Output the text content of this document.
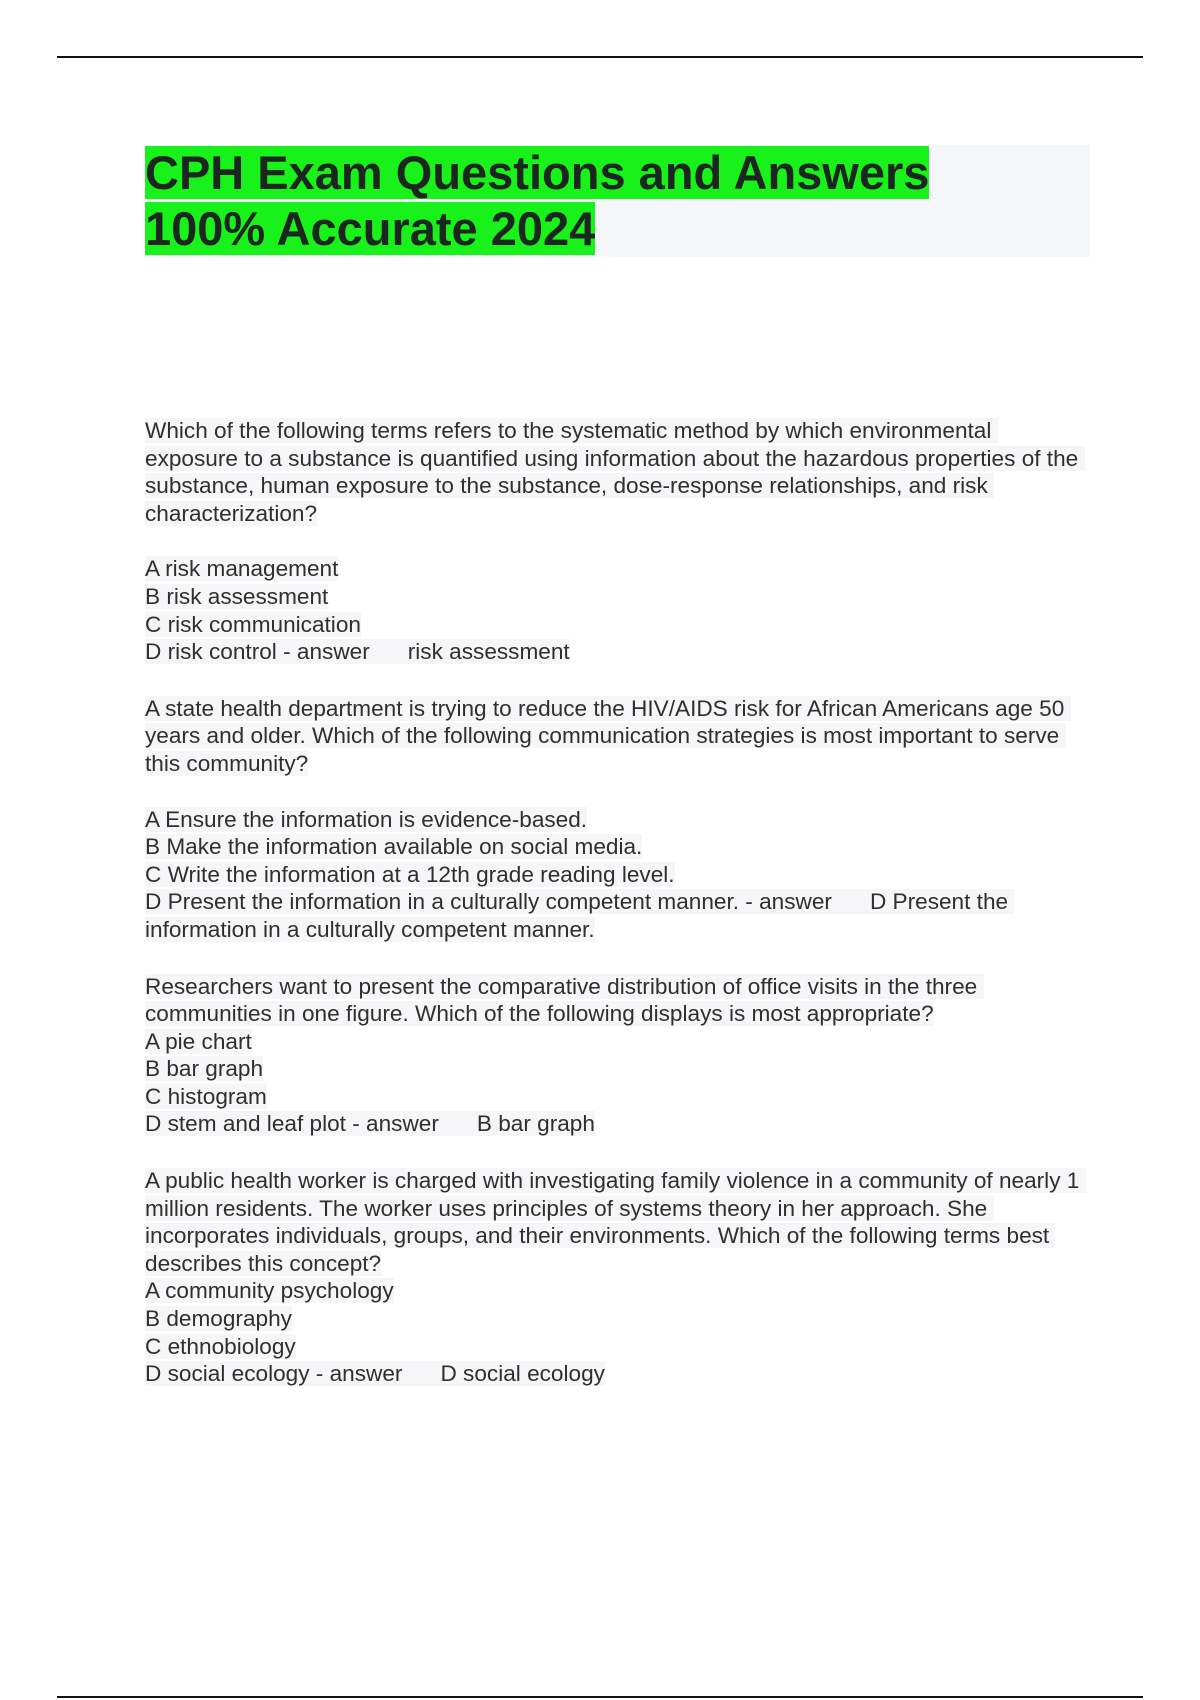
CPH Exam Questions and Answers
100% Accurate 2024
Which of the following terms refers to the systematic method by which environmental exposure to a substance is quantified using information about the hazardous properties of the substance, human exposure to the substance, dose-response relationships, and risk characterization?
A risk management
B risk assessment
C risk communication
D risk control - answer risk assessment
A state health department is trying to reduce the HIV/AIDS risk for African Americans age 50 years and older. Which of the following communication strategies is most important to serve this community?
A Ensure the information is evidence-based.
B Make the information available on social media.
C Write the information at a 12th grade reading level.
D Present the information in a culturally competent manner. - answer D Present the information in a culturally competent manner.
Researchers want to present the comparative distribution of office visits in the three communities in one figure. Which of the following displays is most appropriate?
A pie chart
B bar graph
C histogram
D stem and leaf plot - answer B bar graph
A public health worker is charged with investigating family violence in a community of nearly 1 million residents. The worker uses principles of systems theory in her approach. She incorporates individuals, groups, and their environments. Which of the following terms best describes this concept?
A community psychology
B demography
C ethnobiology
D social ecology - answer D social ecology
